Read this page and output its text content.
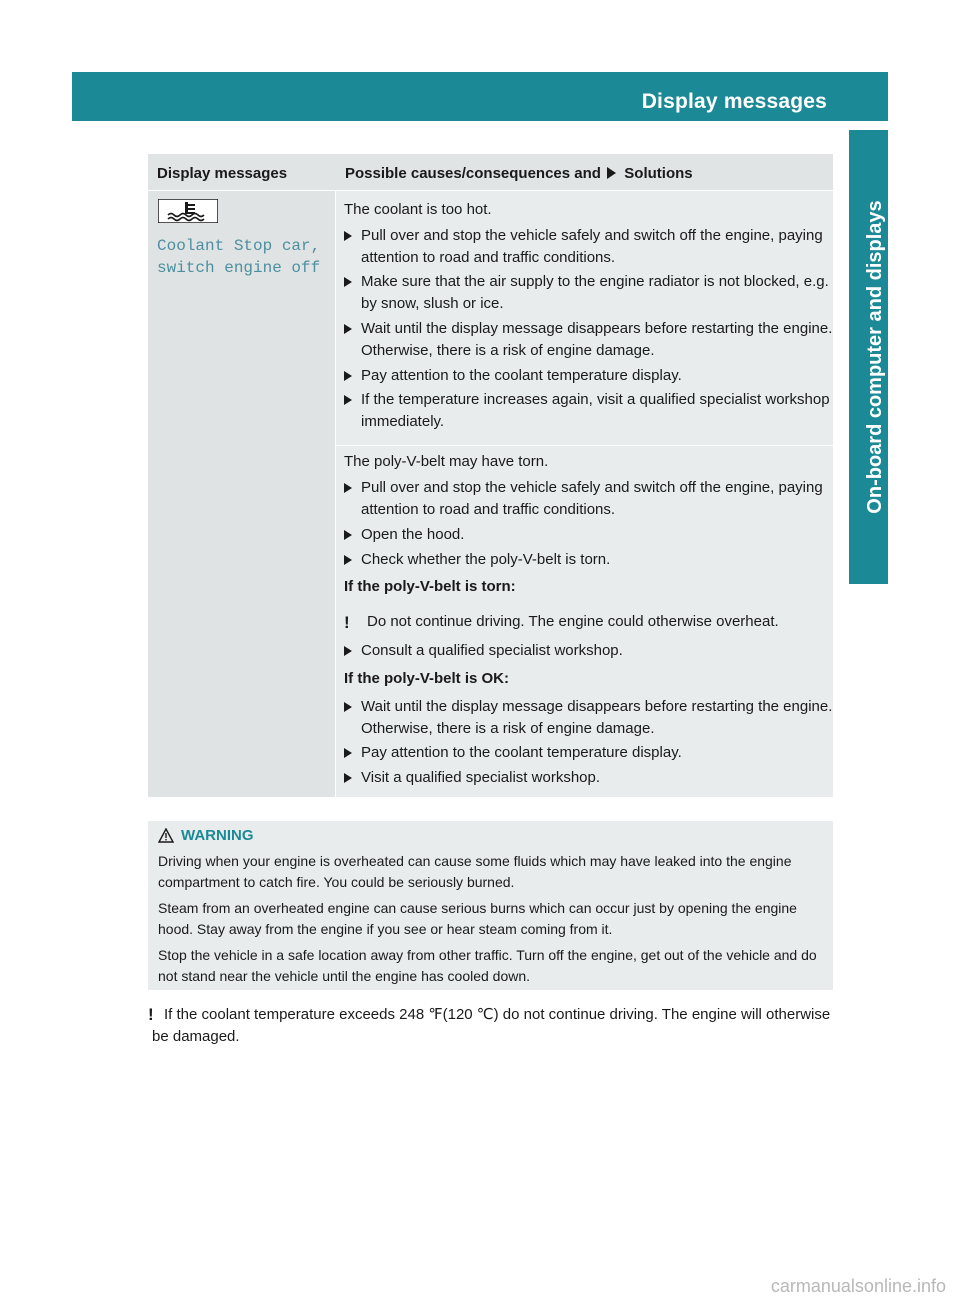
Display messages	245
On-board computer and displays
Display messages	Possible causes/consequences and Solutions
Coolant Stop car,
switch engine off
The coolant is too hot.
Pull over and stop the vehicle safely and switch off the engine, paying attention to road and traffic conditions.
Make sure that the air supply to the engine radiator is not blocked, e.g. by snow, slush or ice.
Wait until the display message disappears before restarting the engine. Otherwise, there is a risk of engine damage.
Pay attention to the coolant temperature display.
If the temperature increases again, visit a qualified specialist workshop immediately.
The poly-V-belt may have torn.
Pull over and stop the vehicle safely and switch off the engine, paying attention to road and traffic conditions.
Open the hood.
Check whether the poly-V-belt is torn.
If the poly-V-belt is torn:
! Do not continue driving. The engine could otherwise overheat.
Consult a qualified specialist workshop.
If the poly-V-belt is OK:
Wait until the display message disappears before restarting the engine. Otherwise, there is a risk of engine damage.
Pay attention to the coolant temperature display.
Visit a qualified specialist workshop.
WARNING
Driving when your engine is overheated can cause some fluids which may have leaked into the engine compartment to catch fire. You could be seriously burned.
Steam from an overheated engine can cause serious burns which can occur just by opening the engine hood. Stay away from the engine if you see or hear steam coming from it.
Stop the vehicle in a safe location away from other traffic. Turn off the engine, get out of the vehicle and do not stand near the vehicle until the engine has cooled down.
! If the coolant temperature exceeds 248 ℉(120 ℃) do not continue driving. The engine will otherwise be damaged.
carmanualsonline.info
